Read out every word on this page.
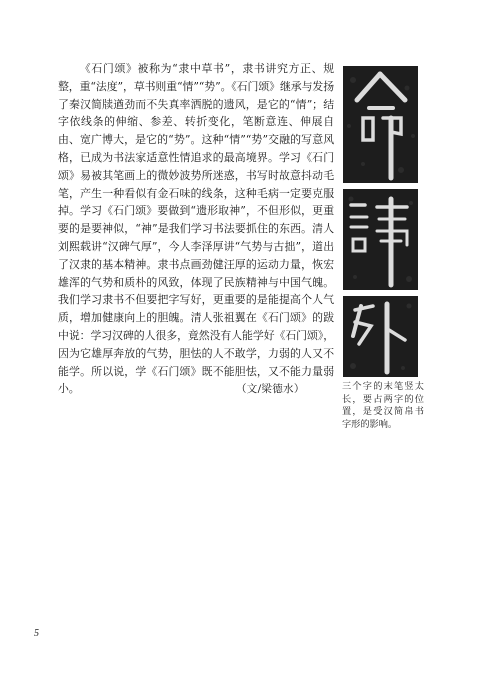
《石门颂》被称为“隶中草书”，隶书讲究方正、规整，重“法度”，草书则重“情”“势”。《石门颂》继承与发扬了秦汉简牍遒劲而不失真率洒脱的遗风，是它的“情”；结字依线条的伸缩、参差、转折变化，笔断意连、伸展自由、宽广博大，是它的“势”。这种“情”“势”交融的写意风格，已成为书法家适意性情追求的最高境界。学习《石门颂》易被其笔画上的微妙波势所迷惑，书写时故意抖动毛笔，产生一种看似有金石味的线条，这种毛病一定要克服掉。学习《石门颂》要做到“遗形取神”，不但形似，更重要的是要神似，“神”是我们学习书法要抓住的东西。清人刘熙载讲“汉碑气厚”，今人李泽厚讲“气势与古拙”，道出了汉隶的基本精神。隶书点画劲健汪厚的运动力量，恢宏雄浑的气势和质朴的风致，体现了民族精神与中国气魄。我们学习隶书不但要把字写好，更重要的是能提高个人气质，增加健康向上的胆魄。清人张祖翼在《石门颂》的跋中说：学习汉碑的人很多，竟然没有人能学好《石门颂》，因为它雄厚奔放的气势，胆怯的人不敢学，力弱的人又不能学。所以说，学《石门颂》既不能胆怯，又不能力量弱小。	（文/梁德水）	三个字的末笔竖太长，要占两字的位置，是受汉简帛书字形的影响。
5
